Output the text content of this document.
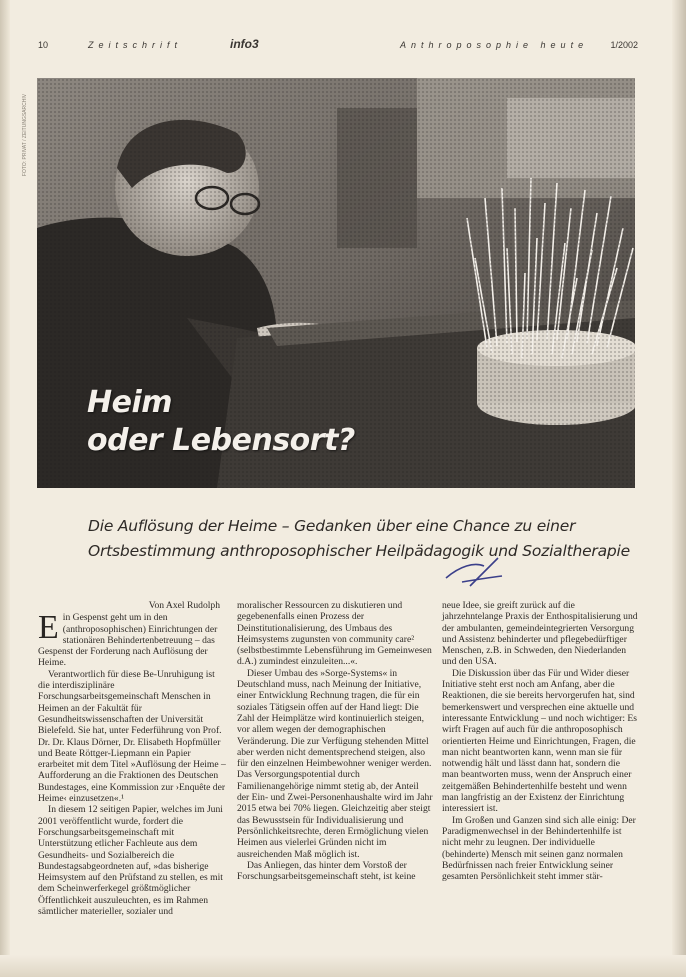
10	Zeitschrift	info3	Anthroposophie heute 1/2002
FOTO: PRIVAT / ZEITUNGSARCHIV
Heim
oder Lebensort?
Die Auflösung der Heime – Gedanken über eine Chance zu einer
Ortsbestimmung anthroposophischer Heilpädagogik und Sozialtherapie
Von Axel Rudolph

Ein Gespenst geht um in den (anthroposophischen) Einrichtungen der stationären Behindertenbetreuung – das Gespenst der Forderung nach Auflösung der Heime.

Verantwortlich für diese Be-Unruhigung ist die interdisziplinäre Forschungsarbeitsgemeinschaft Menschen in Heimen an der Fakultät für Gesundheitswissenschaften der Universität Bielefeld. Sie hat, unter Federführung von Prof. Dr. Dr. Klaus Dörner, Dr. Elisabeth Hopfmüller und Beate Röttger-Liepmann ein Papier erarbeitet mit dem Titel »Auflösung der Heime – Aufforderung an die Fraktionen des Deutschen Bundestages, eine Kommission zur ›Enquête der Heime‹ einzusetzen«.¹

In diesem 12 seitigen Papier, welches im Juni 2001 veröffentlicht wurde, fordert die Forschungsarbeitsgemeinschaft mit Unterstützung etlicher Fachleute aus dem Gesundheits- und Sozialbereich die Bundestagsabgeordneten auf, »das bisherige Heimsystem auf den Prüfstand zu stellen, es mit dem Scheinwerferkegel größtmöglicher Öffentlichkeit auszuleuchten, es im Rahmen sämtlicher materieller, sozialer und

moralischer Ressourcen zu diskutieren und gegebenenfalls einen Prozess der Deinstitutionalisierung, des Umbaus des Heimsystems zugunsten von community care² (selbstbestimmte Lebensführung im Gemeinwesen d.A.) zumindest einzuleiten...«.

Dieser Umbau des »Sorge-Systems« in Deutschland muss, nach Meinung der Initiative, einer Entwicklung Rechnung tragen, die für ein soziales Tätigsein offen auf der Hand liegt: Die Zahl der Heimplätze wird kontinuierlich steigen, vor allem wegen der demographischen Veränderung. Die zur Verfügung stehenden Mittel aber werden nicht dementsprechend steigen, also für den einzelnen Heimbewohner weniger werden. Das Versorgungspotential durch Familienangehörige nimmt stetig ab, der Anteil der Ein- und Zwei-Personenhaushalte wird im Jahr 2015 etwa bei 70% liegen. Gleichzeitig aber steigt das Bewusstsein für Individualisierung und Persönlichkeitsrechte, deren Ermöglichung vielen Heimen aus vielerlei Gründen nicht im ausreichenden Maß möglich ist.

Das Anliegen, das hinter dem Vorstoß der Forschungsarbeitsgemeinschaft steht, ist keine

neue Idee, sie greift zurück auf die jahrzehntelange Praxis der Enthospitalisierung und der ambulanten, gemeindeintegrierten Versorgung und Assistenz behinderter und pflegebedürftiger Menschen, z.B. in Schweden, den Niederlanden und den USA.

Die Diskussion über das Für und Wider dieser Initiative steht erst noch am Anfang, aber die Reaktionen, die sie bereits hervorgerufen hat, sind bemerkenswert und versprechen eine aktuelle und interessante Entwicklung – und noch wichtiger: Es wirft Fragen auf auch für die anthroposophisch orientierten Heime und Einrichtungen, Fragen, die man nicht beantworten kann, wenn man sie für notwendig hält und lässt dann hat, sondern die man beantworten muss, wenn der Anspruch einer zeitgemäßen Behindertenhilfe besteht und wenn man langfristig an der Existenz der Einrichtung interessiert ist.

Im Großen und Ganzen sind sich alle einig: Der Paradigmenwechsel in der Behindertenhilfe ist nicht mehr zu leugnen. Der individuelle (behinderte) Mensch mit seinen ganz normalen Bedürfnissen nach freier Entwicklung seiner gesamten Persönlichkeit steht immer stär-
